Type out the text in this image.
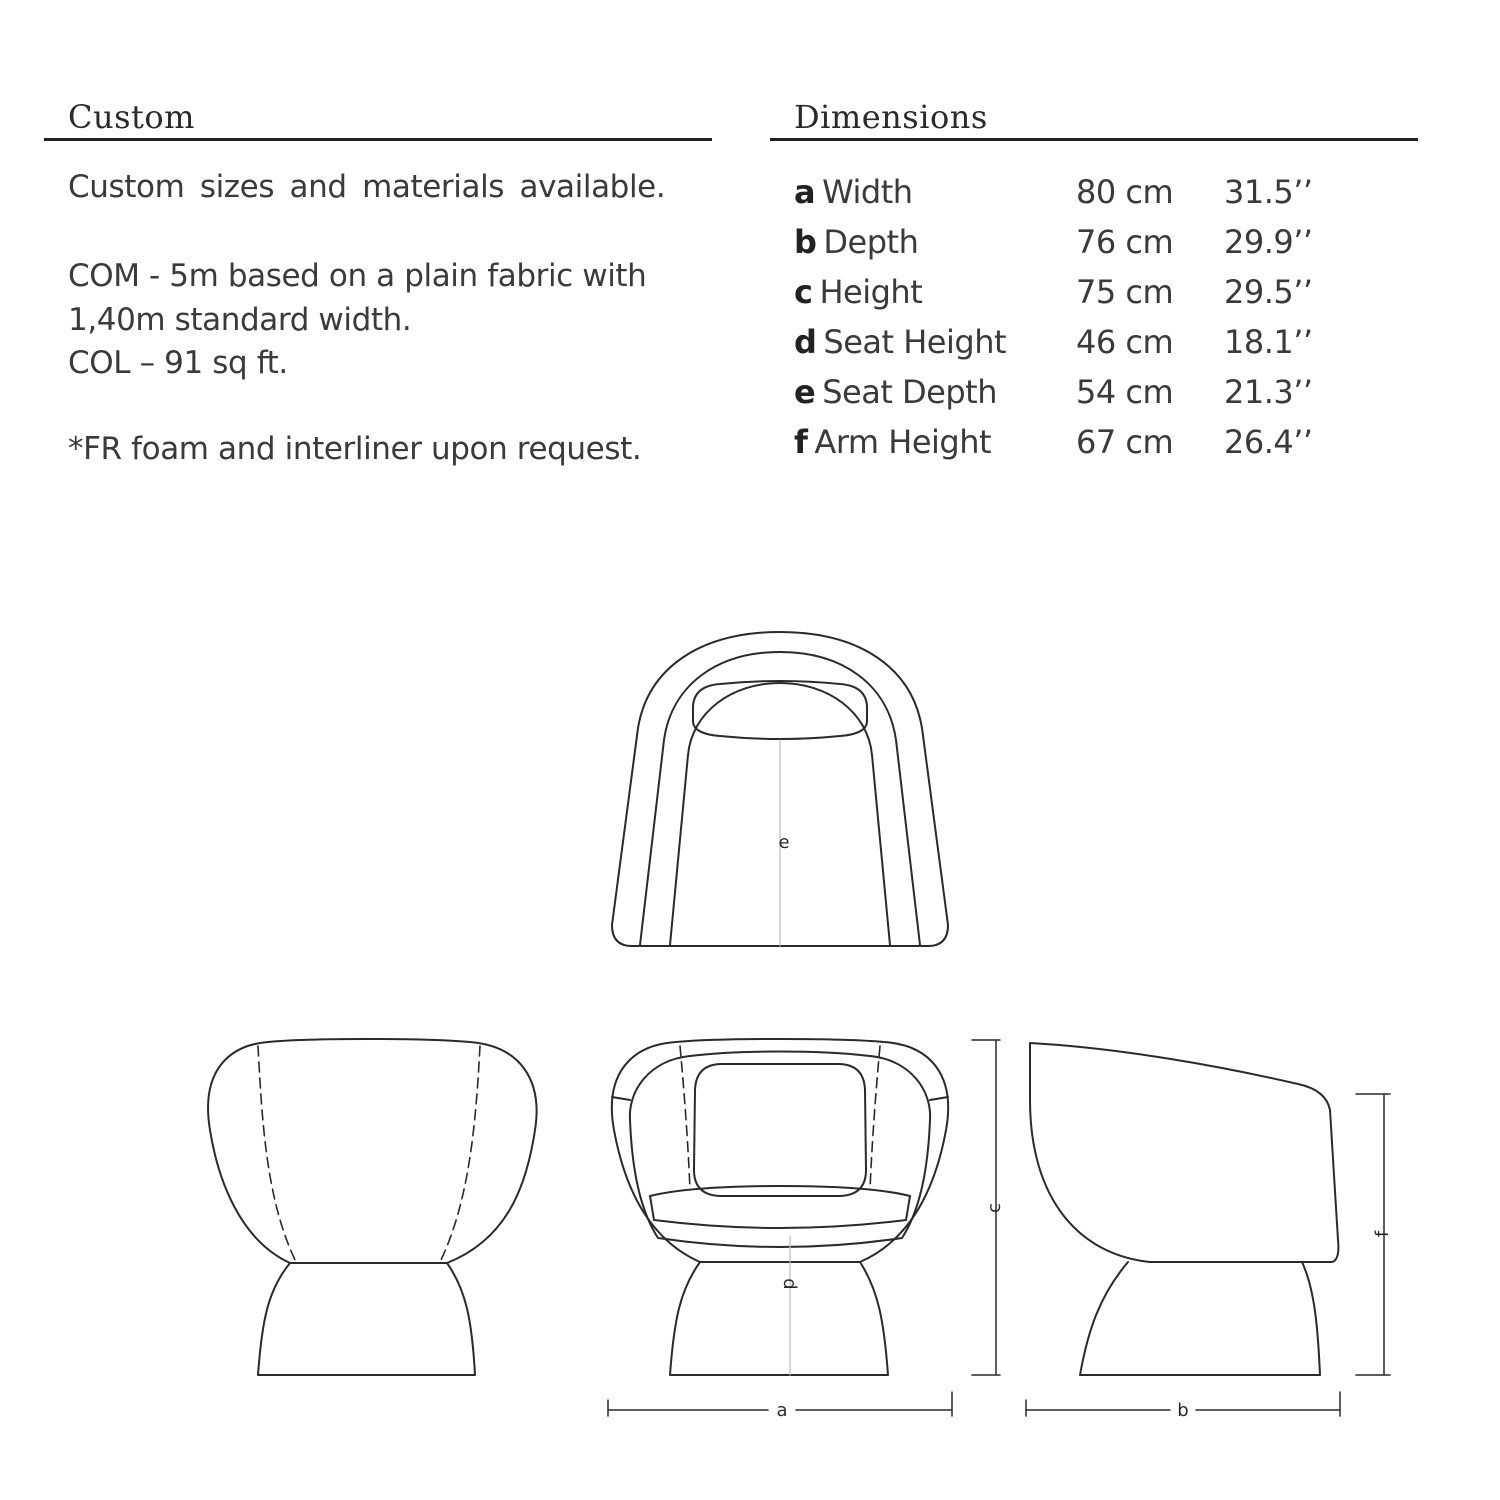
Custom

Custom sizes and materials available.

COM - 5m based on a plain fabric with

1,40m standard width.

COL – 91 sq ft.

*FR foam and interliner upon request.

Dimensions
a Width	80 cm	31.5’’
b Depth	76 cm	29.9’’
c Height	75 cm	29.5’’
d Seat Height 46 cm	18.1’’
e Seat Depth 54 cm	21.3’’
f Arm Height	67 cm	26.4’’
a	b
e
c
d
f
